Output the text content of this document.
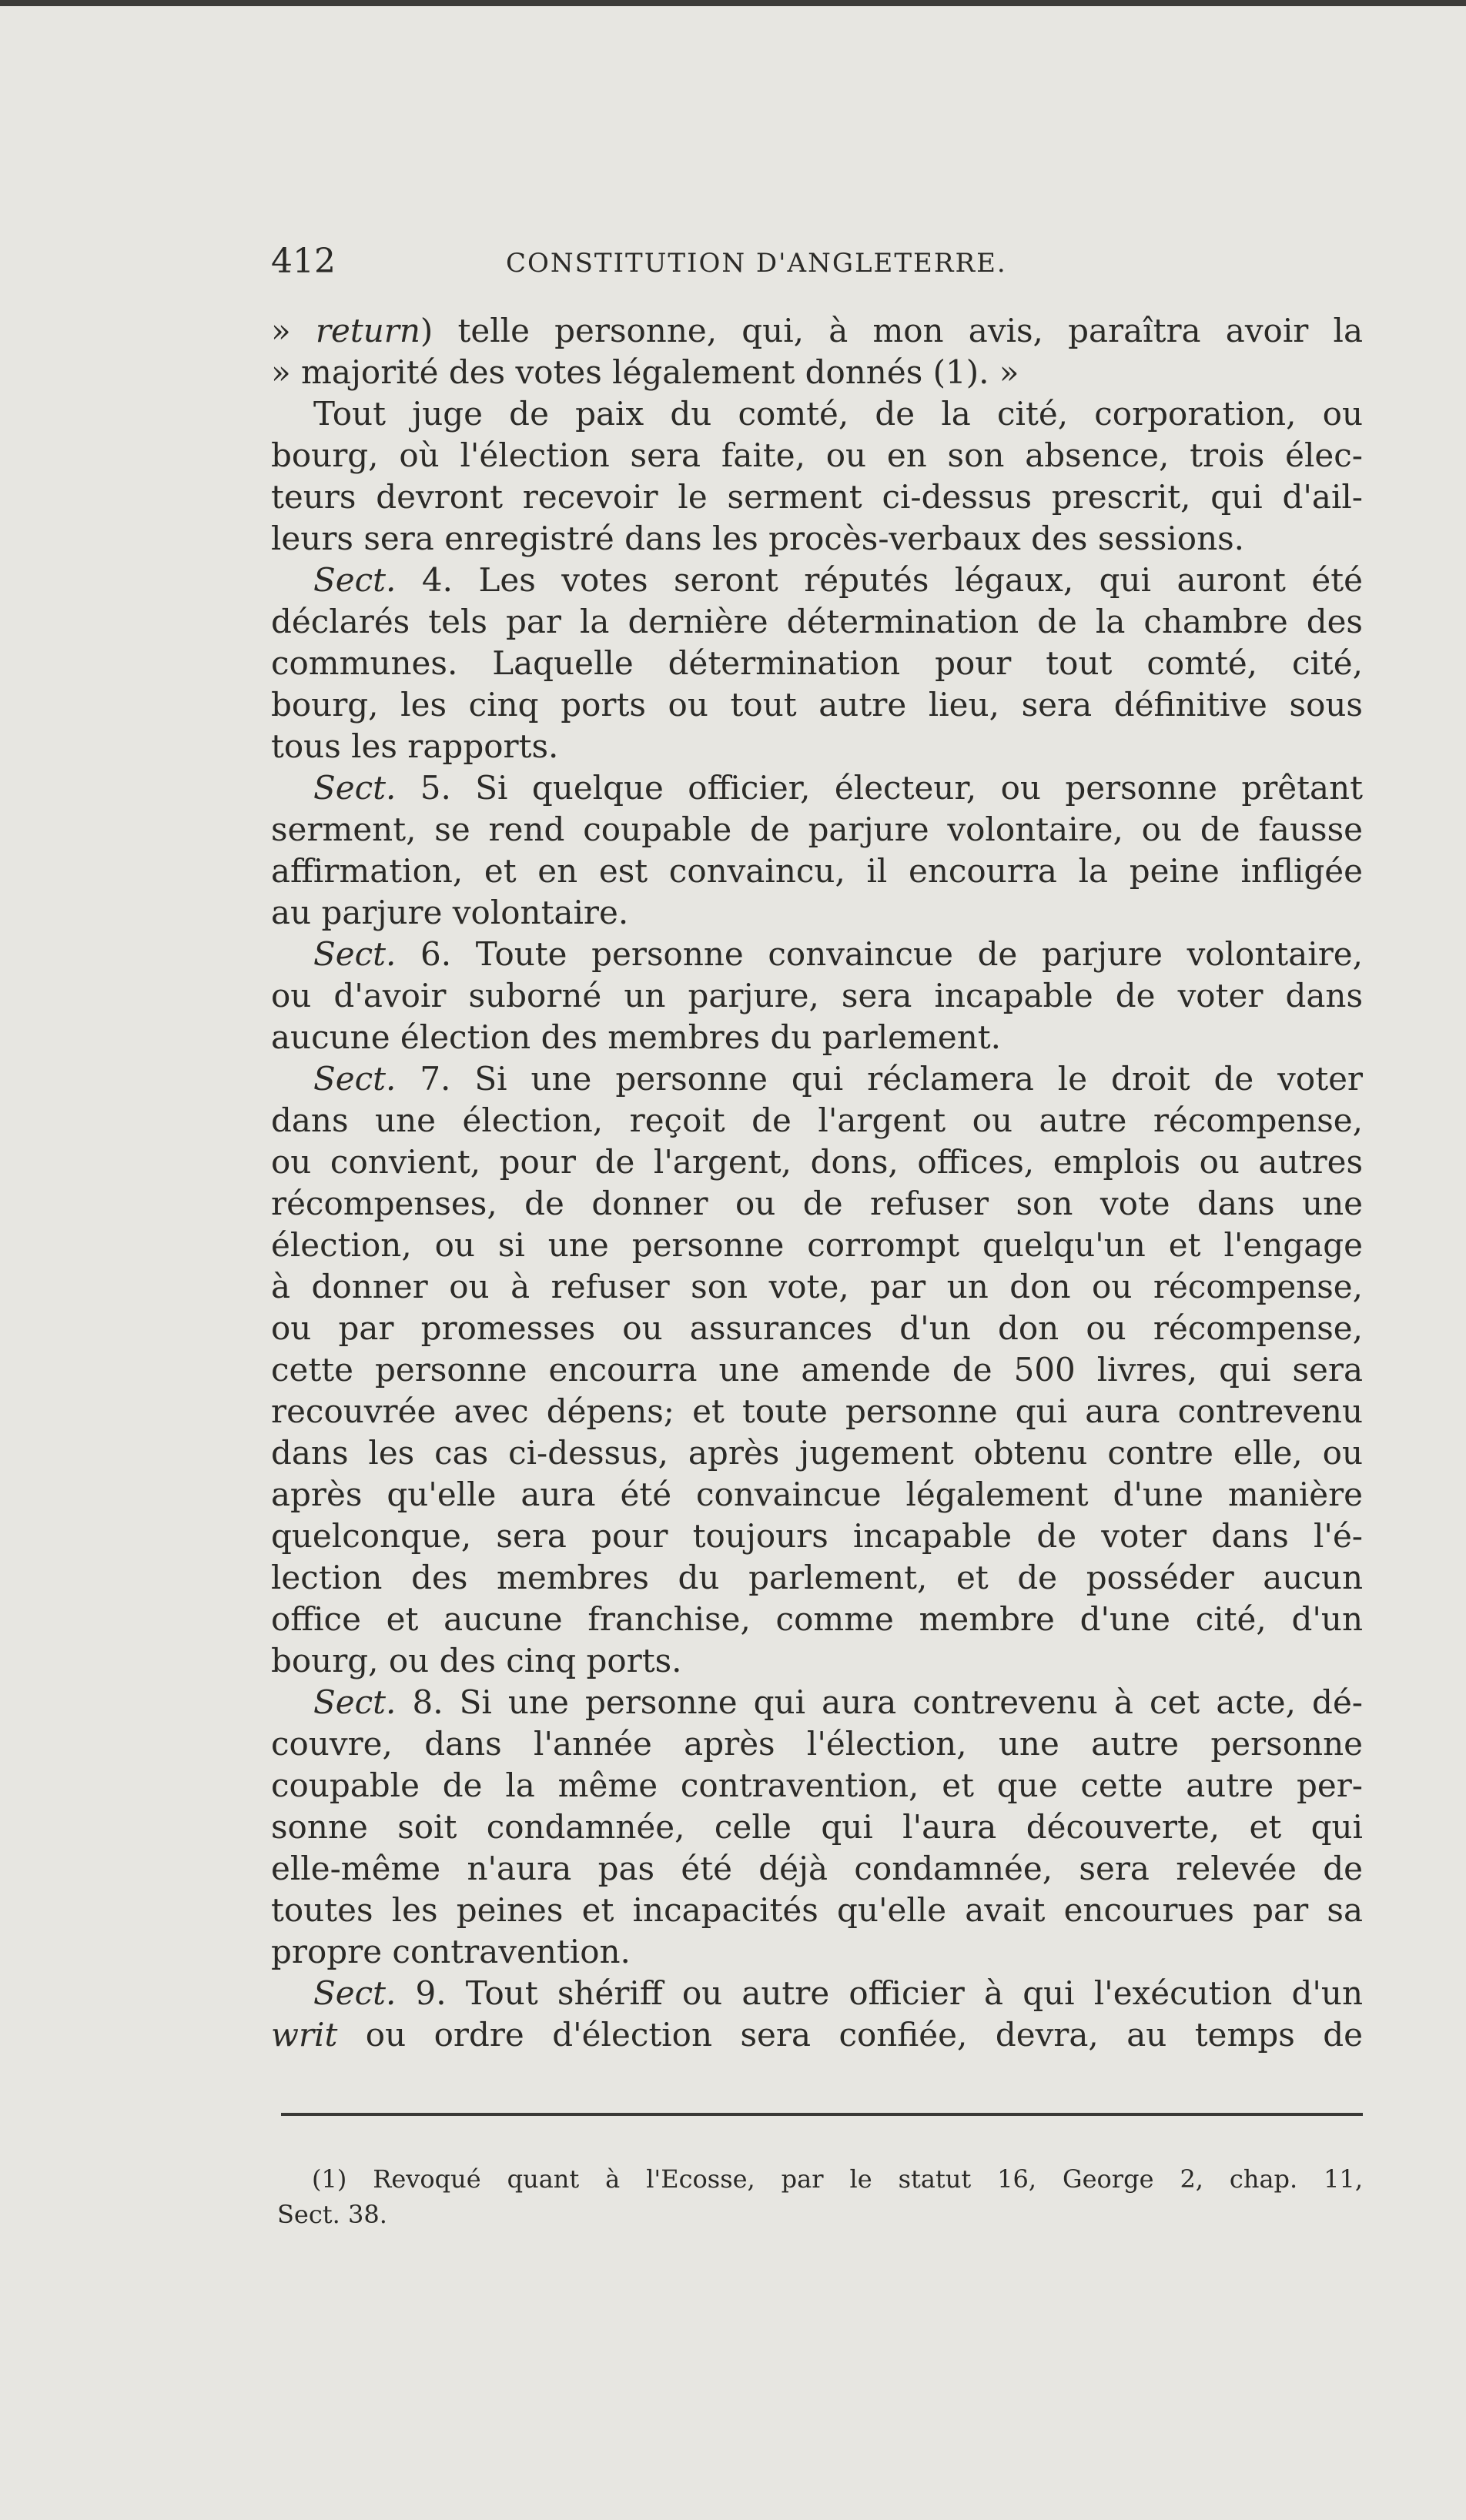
412	CONSTITUTION D'ANGLETERRE.
» return) telle personne, qui, à mon avis, paraîtra avoir la
» majorité des votes légalement donnés (1). »
Tout juge de paix du comté, de la cité, corporation, ou
bourg, où l'élection sera faite, ou en son absence, trois élec-
teurs devront recevoir le serment ci-dessus prescrit, qui d'ail-
leurs sera enregistré dans les procès-verbaux des sessions.
Sect. 4. Les votes seront réputés légaux, qui auront été
déclarés tels par la dernière détermination de la chambre des
communes. Laquelle détermination pour tout comté, cité,
bourg, les cinq ports ou tout autre lieu, sera définitive sous
tous les rapports.
Sect. 5. Si quelque officier, électeur, ou personne prêtant
serment, se rend coupable de parjure volontaire, ou de fausse
affirmation, et en est convaincu, il encourra la peine infligée
au parjure volontaire.
Sect. 6. Toute personne convaincue de parjure volontaire,
ou d'avoir suborné un parjure, sera incapable de voter dans
aucune élection des membres du parlement.
Sect. 7. Si une personne qui réclamera le droit de voter
dans une élection, reçoit de l'argent ou autre récompense,
ou convient, pour de l'argent, dons, offices, emplois ou autres
récompenses, de donner ou de refuser son vote dans une
élection, ou si une personne corrompt quelqu'un et l'engage
à donner ou à refuser son vote, par un don ou récompense,
ou par promesses ou assurances d'un don ou récompense,
cette personne encourra une amende de 500 livres, qui sera
recouvrée avec dépens; et toute personne qui aura contrevenu
dans les cas ci-dessus, après jugement obtenu contre elle, ou
après qu'elle aura été convaincue légalement d'une manière
quelconque, sera pour toujours incapable de voter dans l'é-
lection des membres du parlement, et de posséder aucun
office et aucune franchise, comme membre d'une cité, d'un
bourg, ou des cinq ports.
Sect. 8. Si une personne qui aura contrevenu à cet acte, dé-
couvre, dans l'année après l'élection, une autre personne
coupable de la même contravention, et que cette autre per-
sonne soit condamnée, celle qui l'aura découverte, et qui
elle-même n'aura pas été déjà condamnée, sera relevée de
toutes les peines et incapacités qu'elle avait encourues par sa
propre contravention.
Sect. 9. Tout shériff ou autre officier à qui l'exécution d'un
writ ou ordre d'élection sera confiée, devra, au temps de
(1) Revoqué quant à l'Ecosse, par le statut 16, George 2, chap. 11,
Sect. 38.
